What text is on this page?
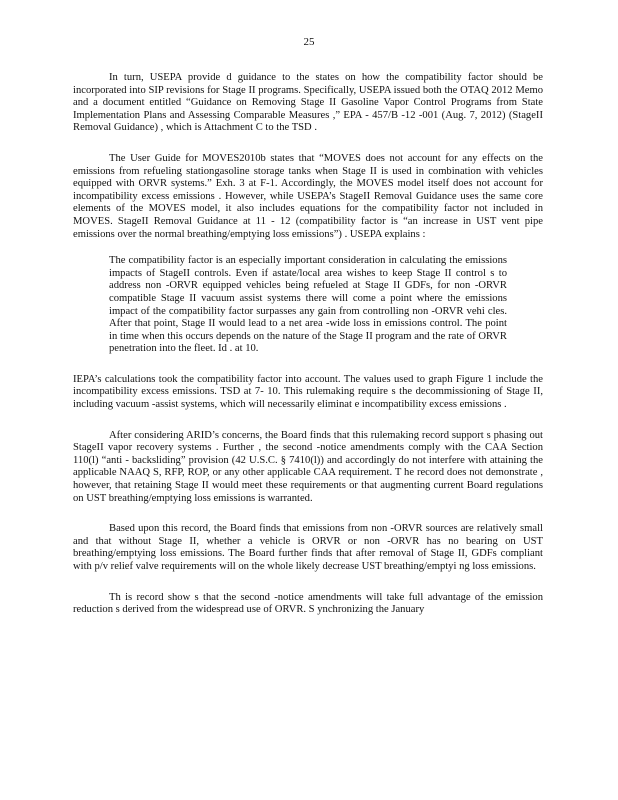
25

In turn, USEPA provide d guidance to the states on how the compatibility factor should be incorporated into SIP revisions for Stage II programs. Specifically, USEPA issued both the OTAQ 2012 Memo and a document entitled “Guidance on Removing Stage II Gasoline Vapor Control Programs from State Implementation Plans and Assessing Comparable Measures ,” EPA - 457/B -12 -001 (Aug. 7, 2012) (StageII Removal Guidance) , which is Attachment C to the TSD .

The User Guide for MOVES2010b states that “MOVES does not account for any effects on the emissions from refueling stationgasoline storage tanks when Stage II is used in combination with vehicles equipped with ORVR systems.” Exh. 3 at F-1. Accordingly, the MOVES model itself does not account for incompatibility excess emissions . However, while USEPA’s StageII Removal Guidance uses the same core elements of the MOVES model, it also includes equations for the compatibility factor not included in MOVES. StageII Removal Guidance at 11 - 12 (compatibility factor is “an increase in UST vent pipe emissions over the normal breathing/emptying loss emissions”) . USEPA explains :

The compatibility factor is an especially important consideration in calculating the emissions impacts of StageII controls. Even if astate/local area wishes to keep Stage II control s to address non -ORVR equipped vehicles being refueled at Stage II GDFs, for non -ORVR compatible Stage II vacuum assist systems there will come a point where the emissions impact of the compatibility factor surpasses any gain from controlling non -ORVR vehi cles. After that point, Stage II would lead to a net area -wide loss in emissions control. The point in time when this occurs depends on the nature of the Stage II program and the rate of ORVR penetration into the fleet. Id . at 10.

IEPA’s calculations took the compatibility factor into account. The values used to graph Figure 1 include the incompatibility excess emissions. TSD at 7- 10. This rulemaking require s the decommissioning of Stage II, including vacuum -assist systems, which will necessarily eliminat e incompatibility excess emissions .

After considering ARID’s concerns, the Board finds that this rulemaking record support s phasing out StageII vapor recovery systems . Further , the second -notice amendments comply with the CAA Section 110(l) “anti - backsliding” provision (42 U.S.C. § 7410(l)) and accordingly do not interfere with attaining the applicable NAAQ S, RFP, ROP, or any other applicable CAA requirement. T he record does not demonstrate , however, that retaining Stage II would meet these requirements or that augmenting current Board regulations on UST breathing/emptying loss emissions is warranted.

Based upon this record, the Board finds that emissions from non -ORVR sources are relatively small and that without Stage II, whether a vehicle is ORVR or non -ORVR has no bearing on UST breathing/emptying loss emissions. The Board further finds that after removal of Stage II, GDFs compliant with p/v relief valve requirements will on the whole likely decrease UST breathing/emptyi ng loss emissions.

Th is record show s that the second -notice amendments will take full advantage of the emission reduction s derived from the widespread use of ORVR. S ynchronizing the January
